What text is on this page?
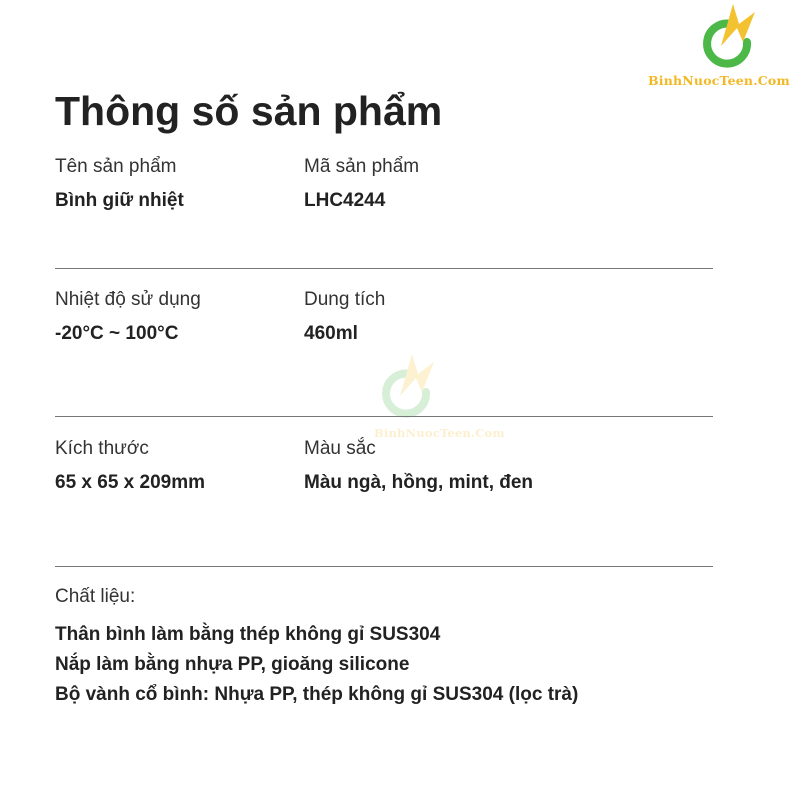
BinhNuocTeen.Com
BinhNuocTeen.Com
Thông số sản phẩm
Tên sản phẩm
Bình giữ nhiệt
Mã sản phẩm
LHC4244
Nhiệt độ sử dụng
-20°C ~ 100°C
Dung tích
460ml
Kích thước
65 x 65 x 209mm
Màu sắc
Màu ngà, hồng, mint, đen
Chất liệu:
Thân bình làm bằng thép không gỉ SUS304
Nắp làm bằng nhựa PP, gioăng silicone
Bộ vành cổ bình: Nhựa PP, thép không gỉ SUS304 (lọc trà)
